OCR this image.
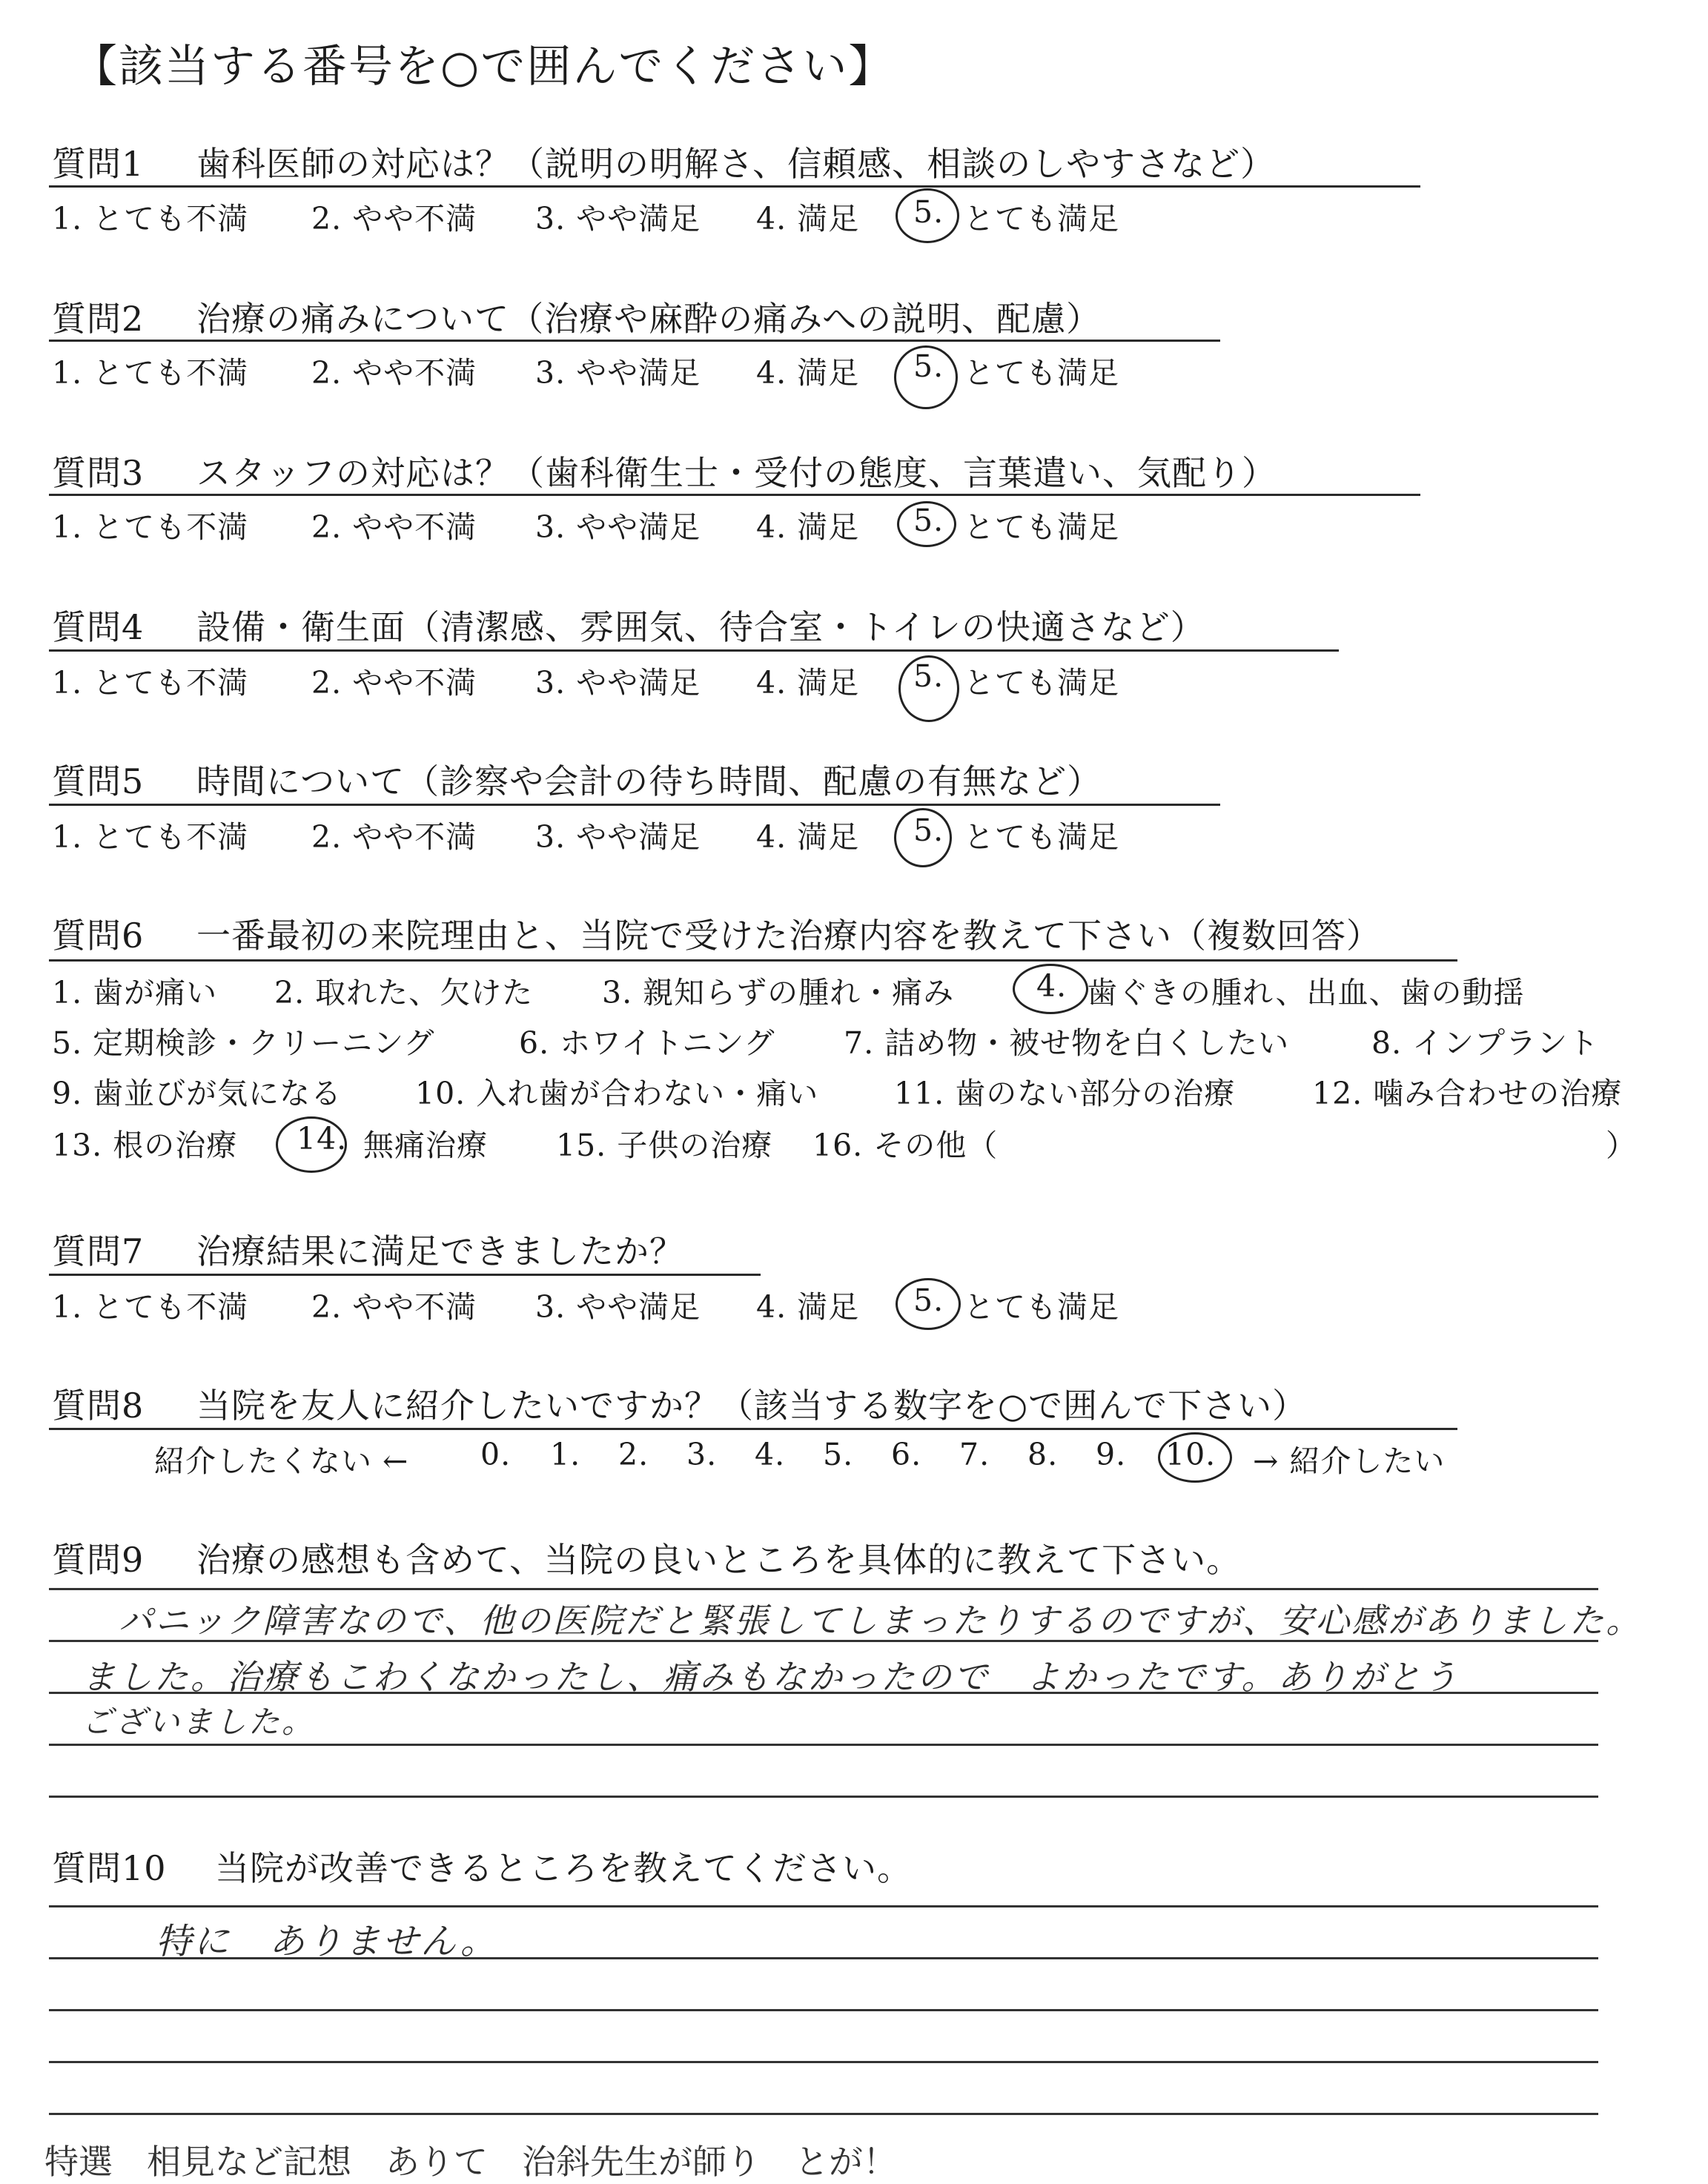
【該当する番号を○で囲んでください】
質問1 歯科医師の対応は？（説明の明解さ、信頼感、相談のしやすさなど）
1. とても不満 2. やや不満 3. やや満足 4. 満足 5. とても満足
質問2 治療の痛みについて（治療や麻酔の痛みへの説明、配慮）
1. とても不満 2. やや不満 3. やや満足 4. 満足 5. とても満足
質問3 スタッフの対応は？（歯科衛生士・受付の態度、言葉遣い、気配り）
1. とても不満 2. やや不満 3. やや満足 4. 満足 5. とても満足
質問4 設備・衛生面（清潔感、雰囲気、待合室・トイレの快適さなど）
1. とても不満 2. やや不満 3. やや満足 4. 満足 5. とても満足
質問5 時間について（診察や会計の待ち時間、配慮の有無など）
1. とても不満 2. やや不満 3. やや満足 4. 満足 5. とても満足
質問6 一番最初の来院理由と、当院で受けた治療内容を教えて下さい（複数回答）
1. 歯が痛い 2. 取れた、欠けた 3. 親知らずの腫れ・痛み	4. 歯ぐきの腫れ、出血、歯の動揺
5. 定期検診・クリーニング	6. ホワイトニング 7. 詰め物・被せ物を白くしたい	8. インプラント
9. 歯並びが気になる 10. 入れ歯が合わない・痛い 11. 歯のない部分の治療	12. 噛み合わせの治療
13. 根の治療 14. 無痛治療 15. 子供の治療 16. その他（	）
質問7 治療結果に満足できましたか？
1. とても不満 2. やや不満 3. やや満足 4. 満足 5. とても満足
質問8 当院を友人に紹介したいですか？（該当する数字を○で囲んで下さい）
紹介したくない ← 0. 1. 2. 3. 4. 5. 6. 7. 8. 9. 10. → 紹介したい
質問9 治療の感想も含めて、当院の良いところを具体的に教えて下さい。
パニック障害なので、他の医院だと緊張してしまったりするのですが、安心感がありました。
ました。治療もこわくなかったし、痛みもなかったので　よかったです。ありがとう
ございました。
質問10 当院が改善できるところを教えてください。
特に　ありません。
特選　相見など記想　ありて　治斜先生が師り　とが！
